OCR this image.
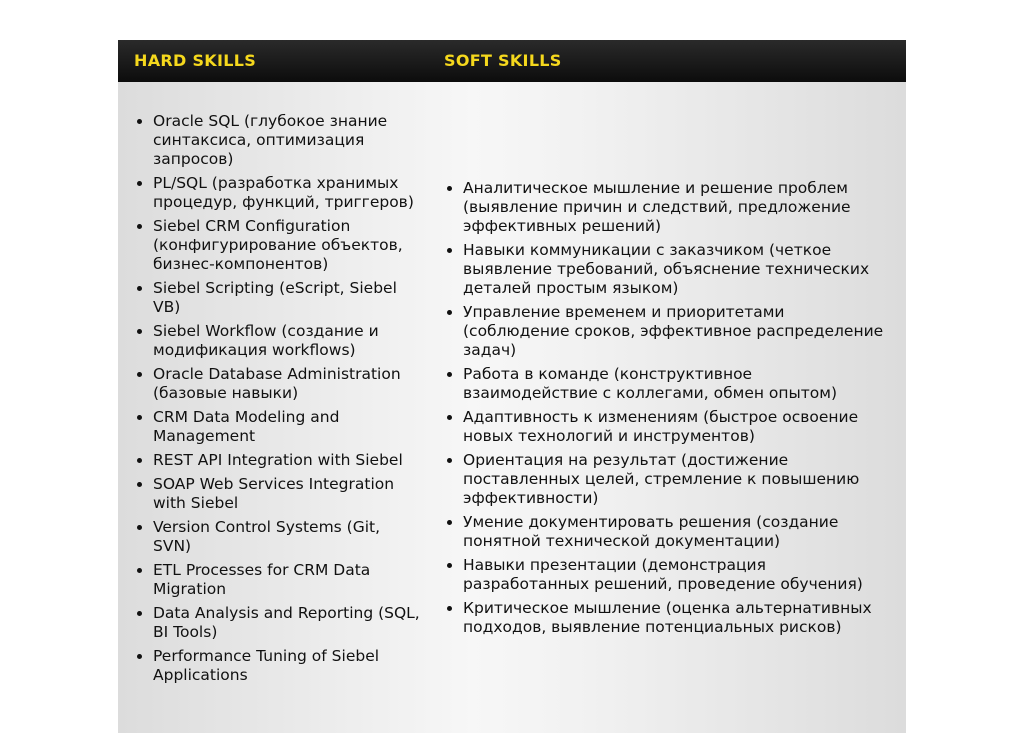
HARD SKILLS	SOFT SKILLS
Oracle SQL (глубокое знание синтаксиса, оптимизация запросов)
PL/SQL (разработка хранимых процедур, функций, триггеров)
Siebel CRM Configuration (конфигурирование объектов, бизнес-компонентов)
Siebel Scripting (eScript, Siebel VB)
Siebel Workflow (создание и модификация workflows)
Oracle Database Administration (базовые навыки)
CRM Data Modeling and Management
REST API Integration with Siebel
SOAP Web Services Integration with Siebel
Version Control Systems (Git, SVN)
ETL Processes for CRM Data Migration
Data Analysis and Reporting (SQL, BI Tools)
Performance Tuning of Siebel Applications
Аналитическое мышление и решение проблем (выявление причин и следствий, предложение эффективных решений)
Навыки коммуникации с заказчиком (четкое выявление требований, объяснение технических деталей простым языком)
Управление временем и приоритетами (соблюдение сроков, эффективное распределение задач)
Работа в команде (конструктивное взаимодействие с коллегами, обмен опытом)
Адаптивность к изменениям (быстрое освоение новых технологий и инструментов)
Ориентация на результат (достижение поставленных целей, стремление к повышению эффективности)
Умение документировать решения (создание понятной технической документации)
Навыки презентации (демонстрация разработанных решений, проведение обучения)
Критическое мышление (оценка альтернативных подходов, выявление потенциальных рисков)
